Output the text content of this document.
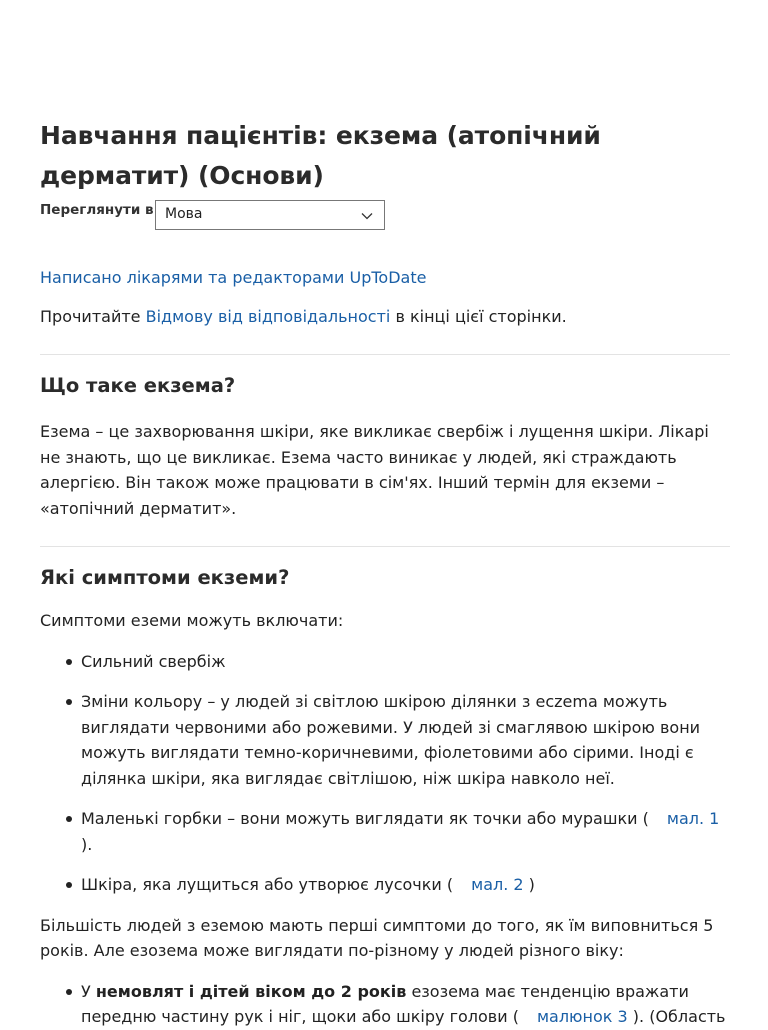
Навчання пацієнтів: екзема (атопічний дерматит) (Основи)
Переглянути в Мова
Написано лікарями та редакторами UpToDate
Прочитайте Відмову від відповідальності в кінці цієї сторінки.
Що таке екзема?

Езема – це захворювання шкіри, яке викликає свербіж і лущення шкіри. Лікарі не знають, що це викликає. Езема часто виникає у людей, які страждають алергією. Він також може працювати в сім'ях. Інший термін для екземи – «атопічний дерматит».

Які симптоми екземи?

Симптоми еземи можуть включати:

Сильний свербіж
Зміни кольору – у людей зі світлою шкірою ділянки з eczema можуть виглядати червоними або рожевими. У людей зі смаглявою шкірою вони можуть виглядати темно-коричневими, фіолетовими або сірими. Іноді є ділянка шкіри, яка виглядає світлішою, ніж шкіра навколо неї.
Маленькі горбки – вони можуть виглядати як точки або мурашки ( мал. 1 ).
Шкіра, яка лущиться або утворює лусочки ( мал. 2 )

Більшість людей з еземою мають перші симптоми до того, як їм виповниться 5 років. Але езозема може виглядати по-різному у людей різного віку:

У немовлят і дітей віком до 2 років езозема має тенденцію вражати передню частину рук і ніг, щоки або шкіру голови ( малюнок 3 ). (Область
